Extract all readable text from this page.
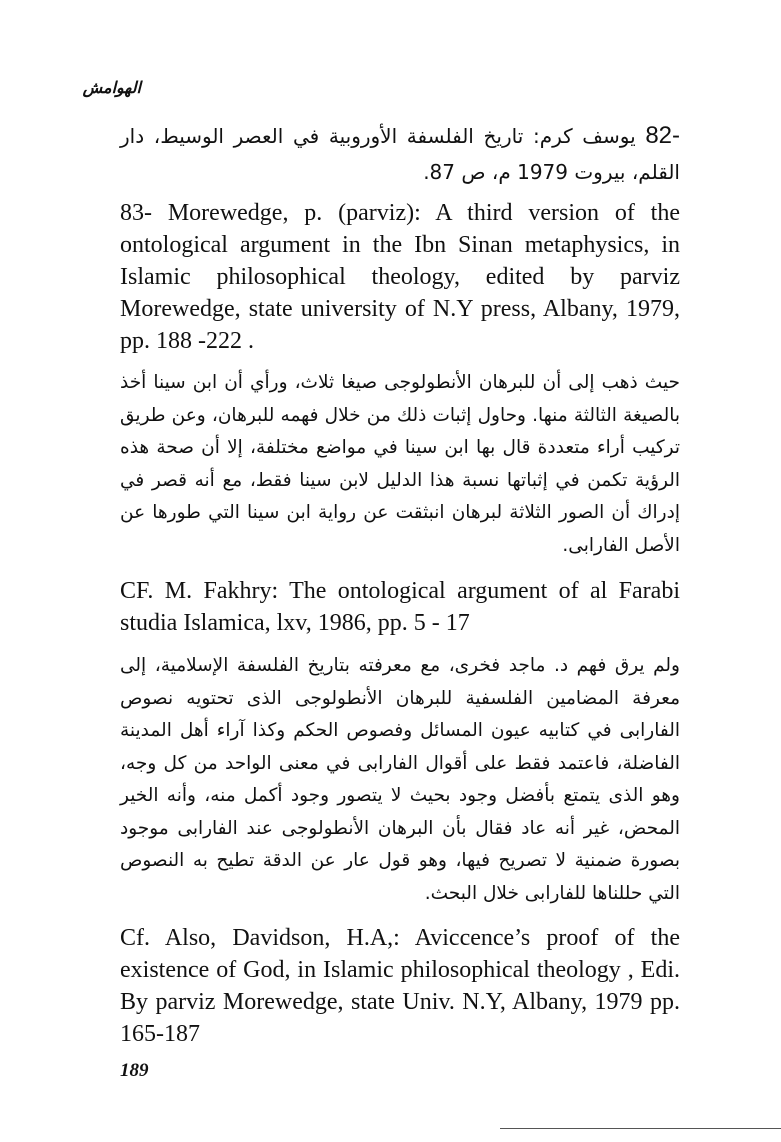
الهوامش
82- يوسف كرم: تاريخ الفلسفة الأوروبية في العصر الوسيط، دار القلم، بيروت 1979 م، ص 87.
83- Morewedge, p. (parviz): A third version of the ontological argument in the Ibn Sinan metaphysics, in Islamic philosophical theology, edited by parviz Morewedge, state university of N.Y press, Albany, 1979, pp. 188 -222 .
حيث ذهب إلى أن للبرهان الأنطولوجى صيغا ثلاث، ورأي أن ابن سينا أخذ بالصيغة الثالثة منها. وحاول إثبات ذلك من خلال فهمه للبرهان، وعن طريق تركيب أراء متعددة قال بها ابن سينا في مواضع مختلفة، إلا أن صحة هذه الرؤية تكمن في إثباتها نسبة هذا الدليل لابن سينا فقط، مع أنه قصر في إدراك أن الصور الثلاثة لبرهان انبثقت عن رواية ابن سينا التي طورها عن الأصل الفارابى.
CF. M. Fakhry: The ontological argument of al Farabi studia Islamica, lxv, 1986, pp. 5 - 17
ولم يرق فهم د. ماجد فخرى، مع معرفته بتاريخ الفلسفة الإسلامية، إلى معرفة المضامين الفلسفية للبرهان الأنطولوجى الذى تحتويه نصوص الفارابى في كتابيه عيون المسائل وفصوص الحكم وكذا آراء أهل المدينة الفاضلة، فاعتمد فقط على أقوال الفارابى في معنى الواحد من كل وجه، وهو الذى يتمتع بأفضل وجود بحيث لا يتصور وجود أكمل منه، وأنه الخير المحض، غير أنه عاد فقال بأن البرهان الأنطولوجى عند الفارابى موجود بصورة ضمنية لا تصريح فيها، وهو قول عار عن الدقة تطيح به النصوص التي حللناها للفارابى خلال البحث.
Cf. Also, Davidson, H.A,: Aviccence’s proof of the existence of God, in Islamic philosophical theology , Edi. By parviz Morewedge, state Univ. N.Y, Albany, 1979 pp. 165-187
189
